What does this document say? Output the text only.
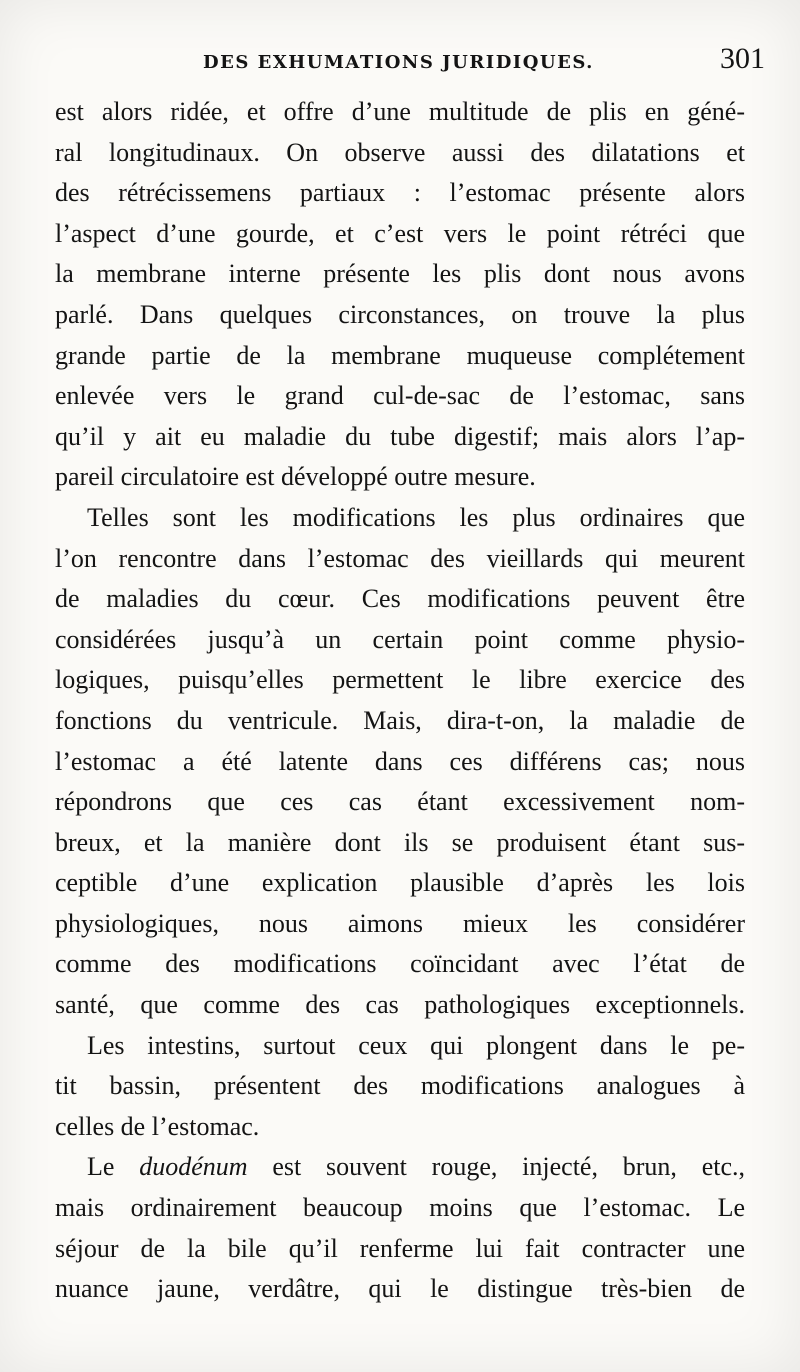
DES EXHUMATIONS JURIDIQUES.	301
est alors ridée, et offre d’une multitude de plis en géné-
ral longitudinaux. On observe aussi des dilatations et
des rétrécissemens partiaux : l’estomac présente alors
l’aspect d’une gourde, et c’est vers le point rétréci que
la membrane interne présente les plis dont nous avons
parlé. Dans quelques circonstances, on trouve la plus
grande partie de la membrane muqueuse complétement
enlevée vers le grand cul-de-sac de l’estomac, sans
qu’il y ait eu maladie du tube digestif; mais alors l’ap-
pareil circulatoire est développé outre mesure.
Telles sont les modifications les plus ordinaires que
l’on rencontre dans l’estomac des vieillards qui meurent
de maladies du cœur. Ces modifications peuvent être
considérées jusqu’à un certain point comme physio-
logiques, puisqu’elles permettent le libre exercice des
fonctions du ventricule. Mais, dira-t-on, la maladie de
l’estomac a été latente dans ces différens cas; nous
répondrons que ces cas étant excessivement nom-
breux, et la manière dont ils se produisent étant sus-
ceptible d’une explication plausible d’après les lois
physiologiques, nous aimons mieux les considérer
comme des modifications coïncidant avec l’état de
santé, que comme des cas pathologiques exceptionnels.
Les intestins, surtout ceux qui plongent dans le pe-
tit bassin, présentent des modifications analogues à
celles de l’estomac.
Le duodénum est souvent rouge, injecté, brun, etc.,
mais ordinairement beaucoup moins que l’estomac. Le
séjour de la bile qu’il renferme lui fait contracter une
nuance jaune, verdâtre, qui le distingue très-bien de
